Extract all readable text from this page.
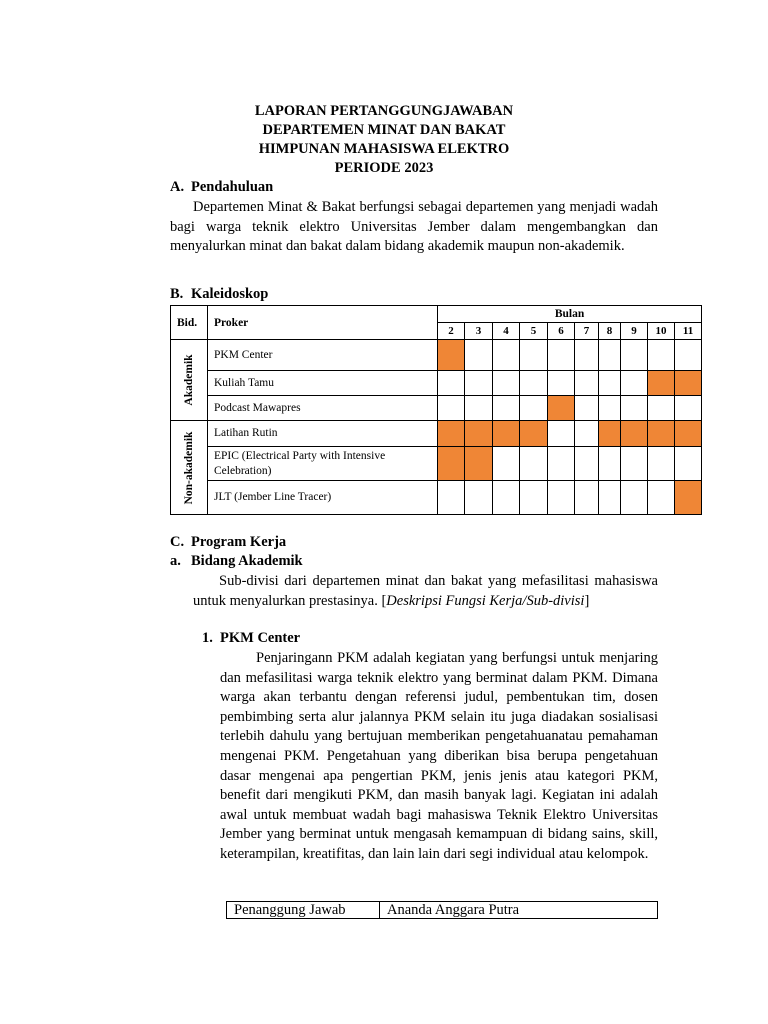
LAPORAN PERTANGGUNGJAWABAN
DEPARTEMEN MINAT DAN BAKAT
HIMPUNAN MAHASISWA ELEKTRO
PERIODE 2023
A. Pendahuluan
Departemen Minat & Bakat berfungsi sebagai departemen yang menjadi wadah bagi warga teknik elektro Universitas Jember dalam mengembangkan dan menyalurkan minat dan bakat dalam bidang akademik maupun non-akademik.
B. Kaleidoskop
Bid.	Proker	Bulan									
		2	3	4	5	6	7	8	9	10	11

Akademik	PKM Center										
	Kuliah Tamu										
	Podcast Mawapres										

Non-akademik	Latihan Rutin										
	EPIC (Electrical Party with Intensive Celebration)										
	JLT (Jember Line Tracer)										
C. Program Kerja
a. Bidang Akademik
Sub-divisi dari departemen minat dan bakat yang mefasilitasi mahasiswa untuk menyalurkan prestasinya. [Deskripsi Fungsi Kerja/Sub-divisi]
1. PKM Center
Penjaringann PKM adalah kegiatan yang berfungsi untuk menjaring dan mefasilitasi warga teknik elektro yang berminat dalam PKM. Dimana warga akan terbantu dengan referensi judul, pembentukan tim, dosen pembimbing serta alur jalannya PKM selain itu juga diadakan sosialisasi terlebih dahulu yang bertujuan memberikan pengetahuanatau pemahaman mengenai PKM. Pengetahuan yang diberikan bisa berupa pengetahuan dasar mengenai apa pengertian PKM, jenis jenis atau kategori PKM, benefit dari mengikuti PKM, dan masih banyak lagi. Kegiatan ini adalah awal untuk membuat wadah bagi mahasiswa Teknik Elektro Universitas Jember yang berminat untuk mengasah kemampuan di bidang sains, skill, keterampilan, kreatifitas, dan lain lain dari segi individual atau kelompok.
Penanggung Jawab	Ananda Anggara Putra
